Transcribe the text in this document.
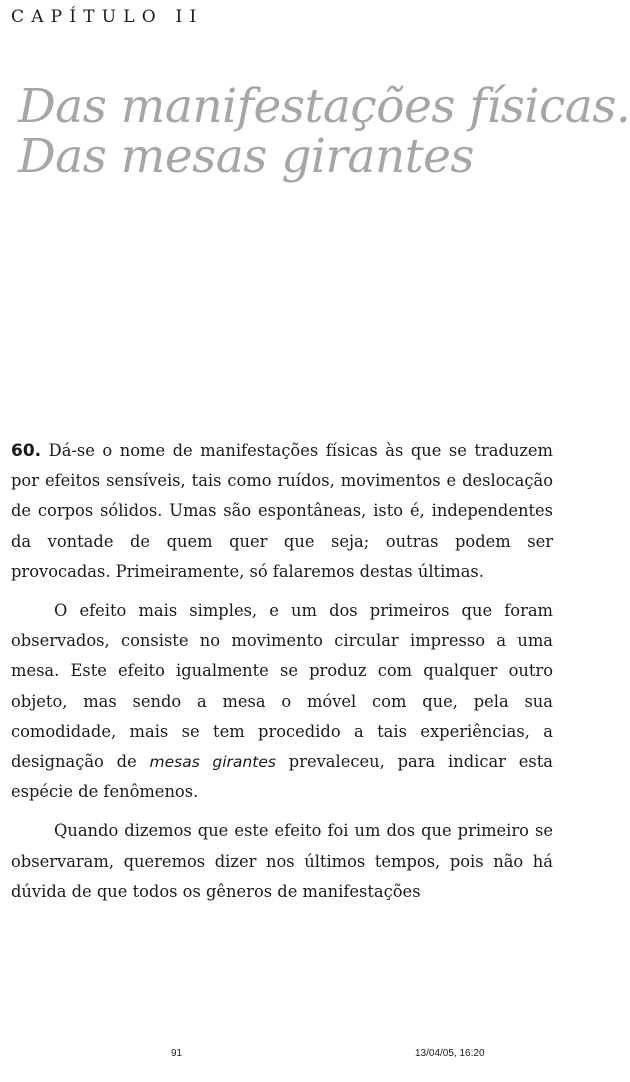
CAPÍTULO II
Das manifestações físicas.
Das mesas girantes

60. Dá-se o nome de manifestações físicas às que se traduzem por efeitos sensíveis, tais como ruídos, movimentos e deslocação de corpos sólidos. Umas são espontâneas, isto é, independentes da vontade de quem quer que seja; outras podem ser provocadas. Primeiramente, só falaremos destas últimas.

O efeito mais simples, e um dos primeiros que foram observados, consiste no movimento circular impresso a uma mesa. Este efeito igualmente se produz com qualquer outro objeto, mas sendo a mesa o móvel com que, pela sua comodidade, mais se tem procedido a tais experiências, a designação de mesas girantes prevaleceu, para indicar esta espécie de fenômenos.

Quando dizemos que este efeito foi um dos que primeiro se observaram, queremos dizer nos últimos tempos, pois não há dúvida de que todos os gêneros de manifestações

91	13/04/05, 16:20
